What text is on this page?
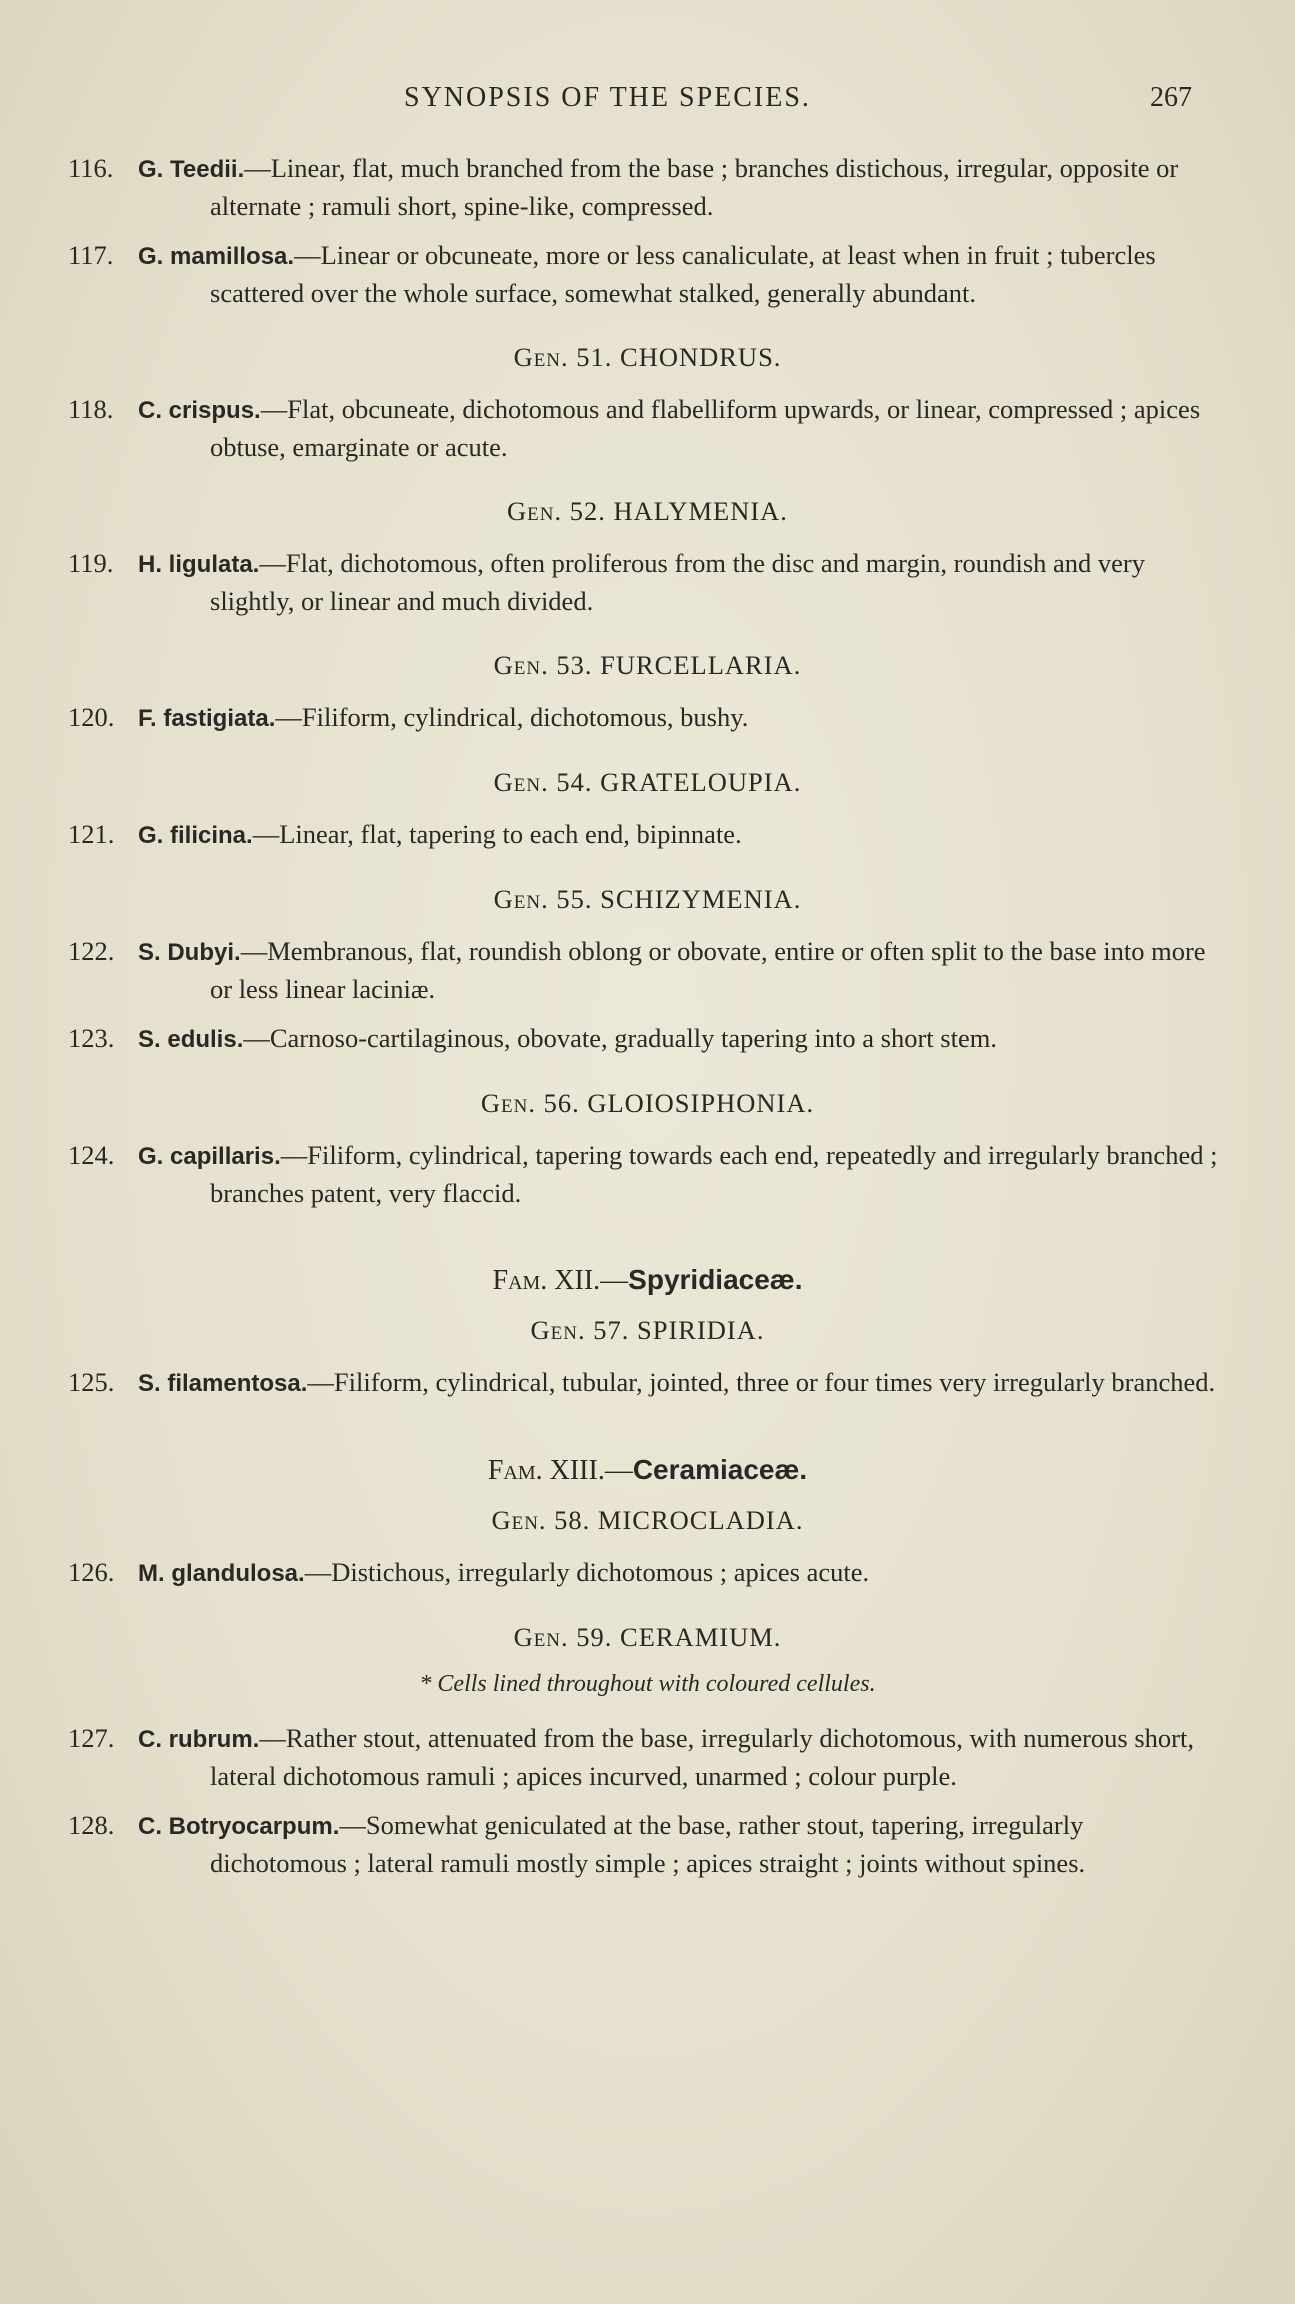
SYNOPSIS OF THE SPECIES.	267
116.	G. Teedii.—Linear, flat, much branched from the base ; branches distichous, irregular, opposite or alternate ; ramuli short, spine-like, compressed.
117.	G. mamillosa.—Linear or obcuneate, more or less canaliculate, at least when in fruit ; tubercles scattered over the whole surface, somewhat stalked, generally abundant.
Gen. 51. CHONDRUS.
118.	C. crispus.—Flat, obcuneate, dichotomous and flabelliform upwards, or linear, compressed ; apices obtuse, emarginate or acute.
Gen. 52. HALYMENIA.
119.	H. ligulata.—Flat, dichotomous, often proliferous from the disc and margin, roundish and very slightly, or linear and much divided.
Gen. 53. FURCELLARIA.
120. F. fastigiata.—Filiform, cylindrical, dichotomous, bushy.
Gen. 54. GRATELOUPIA.
121. G. filicina.—Linear, flat, tapering to each end, bipinnate.
Gen. 55. SCHIZYMENIA.
122. S. Dubyi.—Membranous, flat, roundish oblong or obovate, entire or often split to the base into more or less linear laciniæ.
123. S. edulis.—Carnoso-cartilaginous, obovate, gradually tapering into a short stem.
Gen. 56. GLOIOSIPHONIA.
124. G. capillaris.—Filiform, cylindrical, tapering towards each end, repeatedly and irregularly branched ; branches patent, very flaccid.
Fam. XII.—Spyridiaceæ.
Gen. 57. SPIRIDIA.
125. S. filamentosa.—Filiform, cylindrical, tubular, jointed, three or four times very irregularly branched.
Fam. XIII.—Ceramiaceæ.
Gen. 58. MICROCLADIA.
126. M. glandulosa.—Distichous, irregularly dichotomous ; apices acute.
Gen. 59. CERAMIUM.
* Cells lined throughout with coloured cellules.
127. C. rubrum.—Rather stout, attenuated from the base, irregularly dichotomous, with numerous short, lateral dichotomous ramuli ; apices incurved, unarmed ; colour purple.
128. C. Botryocarpum.—Somewhat geniculated at the base, rather stout, tapering, irregularly dichotomous ; lateral ramuli mostly simple ; apices straight ; joints without spines.
